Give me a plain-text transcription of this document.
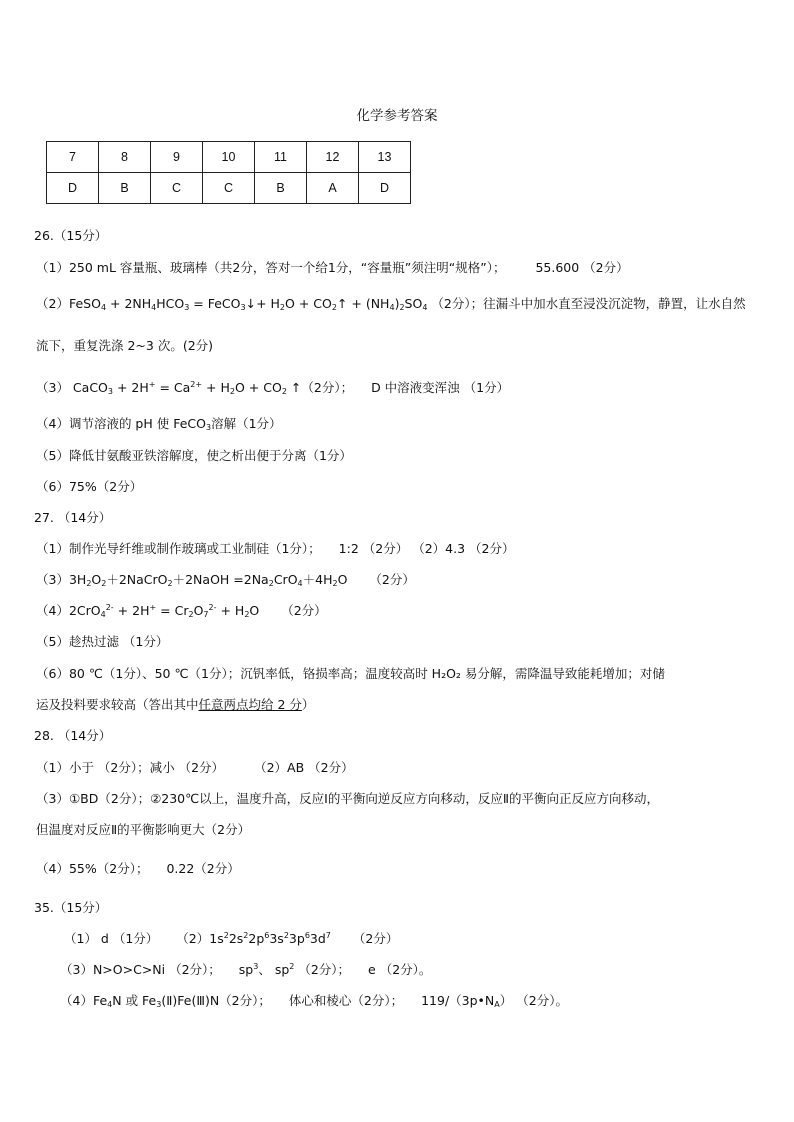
化学参考答案
7	8	9	10	11	12	13
D	B	C	C	B	A	D
26.（15分）
（1）250 mL 容量瓶、玻璃棒（共2分，答对一个给1分，“容量瓶”须注明“规格”）； 55.600 （2分）
（2）FeSO$_4$ + $2NH_4HCO_3$ = FeCO$_3$↓+ $H_2O$ + $CO_2↑ + (NH_4)_2SO_4$ （2分）；往漏斗中加水直至浸没沉淀物，静置，让水自然
流下，重复洗涤 2~3 次。(2分)
（3） CaCO$_3$ + $2H^+ = Ca^{2+} + H_2O + CO_2$ ↑（2分）； D 中溶液变浑浊 （1分）
（4）调节溶液的 pH 使 FeCO$_3$溶解（1分）
（5）降低甘氨酸亚铁溶解度，使之析出便于分离（1分）
（6）75%（2分）
27. （14分）
（1）制作光导纤维或制作玻璃或工业制硅（1分）； 1:2 （2分） （2）4.3 （2分）
$(3)3H_2O_2+2NaCrO_2+2NaOH =2Na_2CrO_4+4H_2O$ （2分）
$(4)2CrO_4^{2-} + 2H^+ = Cr_2O_7^{2-} + H_2O$ （2分）
（5）趁热过滤 （1分）
（6）80 ℃（1分）、50 ℃（1分）；沉钒率低，铬损率高；温度较高时 H₂O₂ 易分解，需降温导致能耗增加；对储
运及投料要求较高（答出其中任意两点均给 2 分）
28. （14分）
（1）小于 （2分）；减小 （2分） （2）AB （2分）
（3）①BD（2分）；②230℃以上，温度升高，反应Ⅰ的平衡向逆反应方向移动，反应Ⅱ的平衡向正反应方向移动，
但温度对反应Ⅱ的平衡影响更大（2分）
（4）55%（2分）； 0.22（2分）
35.（15分）
（1） d （1分） $(2)1s^22s^22p^63s^23p^63d^7$ （2分）
（3）N>O>C>Ni （2分）； $sp^3$、 $sp^2$ （2分）； e （2分）。
$(4)Fe_4N$ 或 $Fe_3(Ⅱ)Fe(Ⅲ)N(2$分）； 体心和棱心（2分）； $119/(3p•N_A)$ （2分）。
